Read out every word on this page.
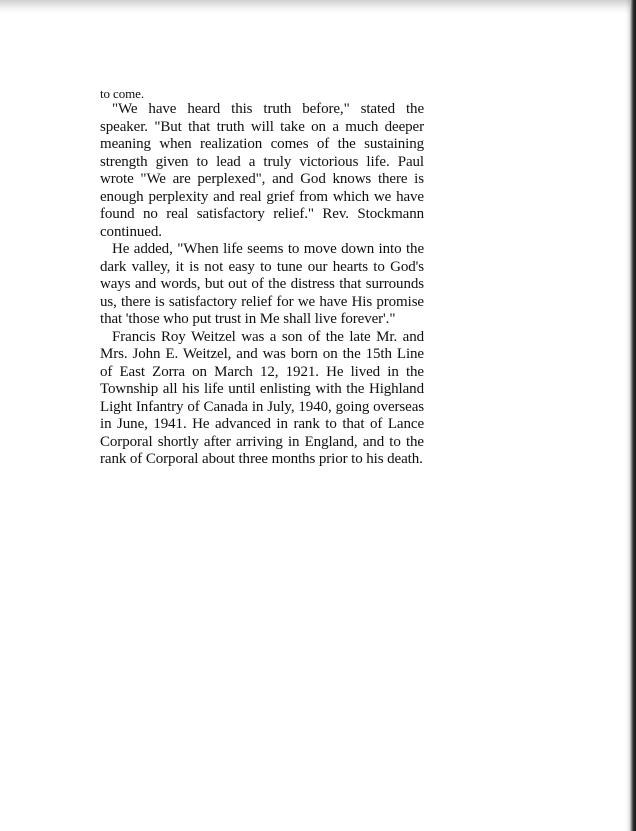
to come.

"We have heard this truth before," stated the speaker. "But that truth will take on a much deeper meaning when realization comes of the sustaining strength given to lead a truly victorious life. Paul wrote "We are perplexed", and God knows there is enough perplexity and real grief from which we have found no real satisfactory relief." Rev. Stockmann continued.

He added, "When life seems to move down into the dark valley, it is not easy to tune our hearts to God's ways and words, but out of the distress that surrounds us, there is satisfactory relief for we have His promise that 'those who put trust in Me shall live forever'."

Francis Roy Weitzel was a son of the late Mr. and Mrs. John E. Weitzel, and was born on the 15th Line of East Zorra on March 12, 1921. He lived in the Township all his life until enlisting with the Highland Light Infantry of Canada in July, 1940, going overseas in June, 1941. He advanced in rank to that of Lance Corporal shortly after arriving in England, and to the rank of Corporal about three months prior to his death.
